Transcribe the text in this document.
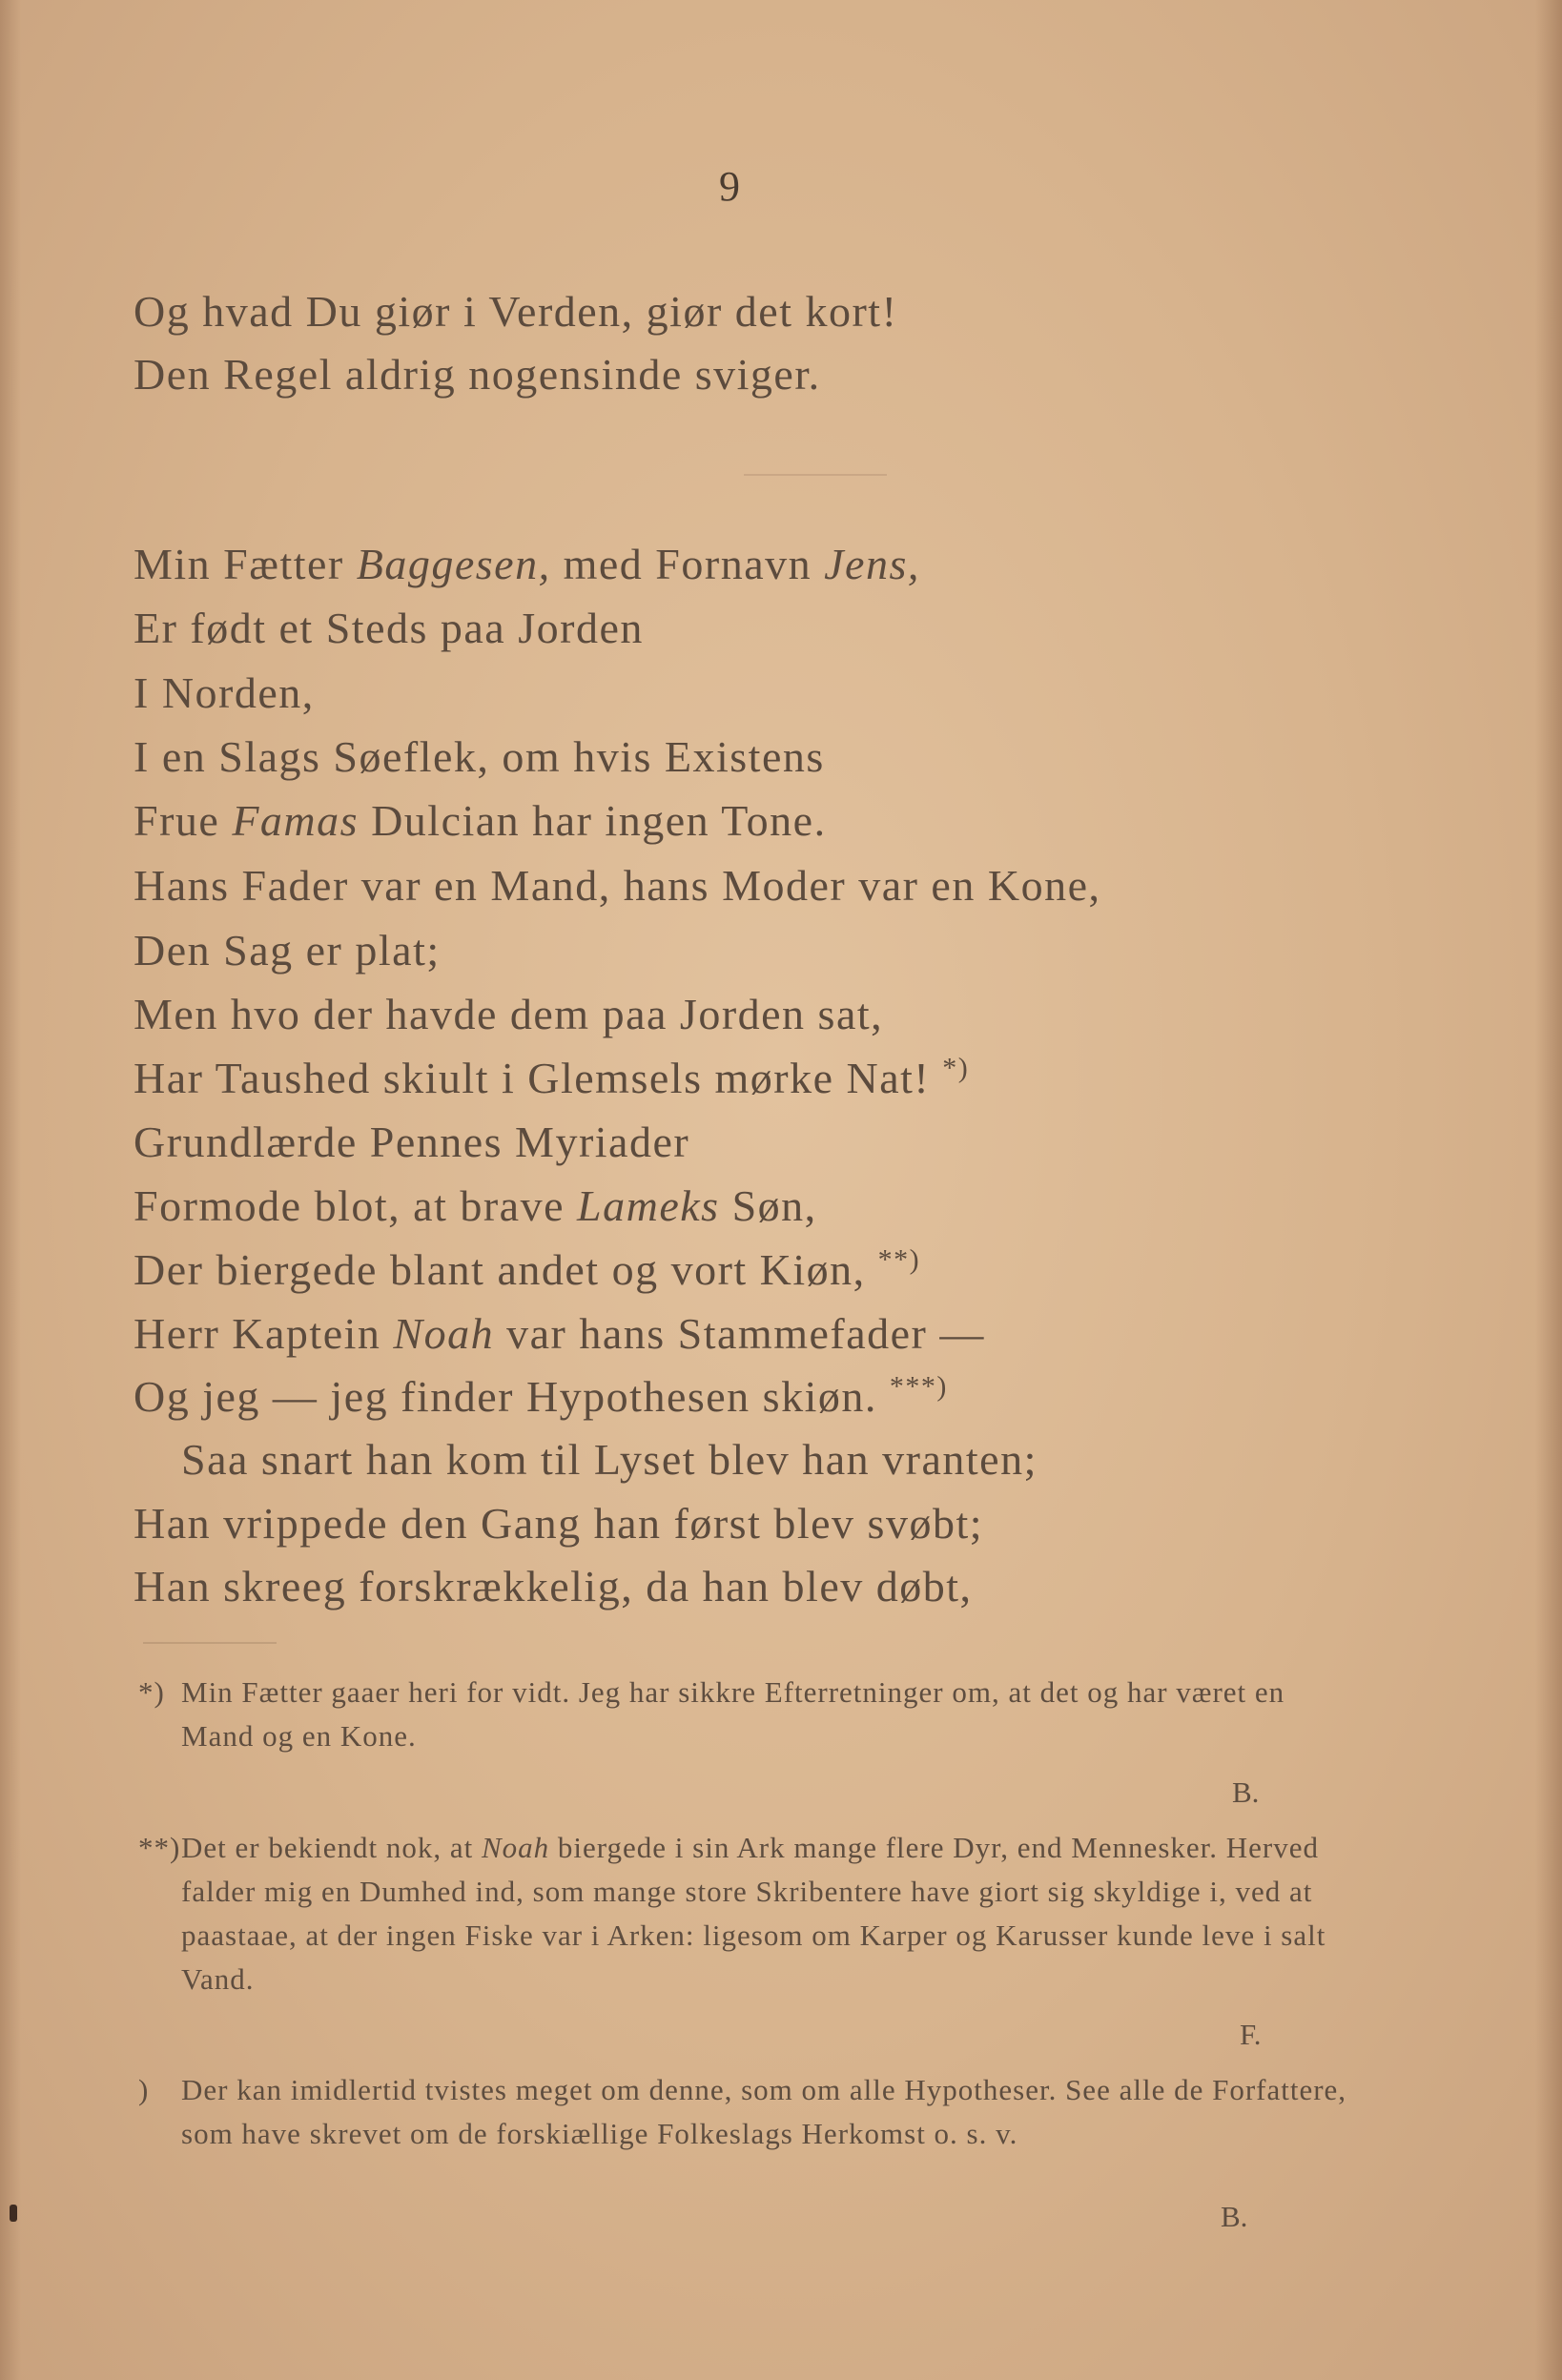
9
Og hvad Du giør i Verden, giør det kort!
Den Regel aldrig nogensinde sviger.
Min Fætter Baggesen, med Fornavn Jens,
Er født et Steds paa Jorden
I Norden,
I en Slags Søeflek, om hvis Existens
Frue Famas Dulcian har ingen Tone.
Hans Fader var en Mand, hans Moder var en Kone,
Den Sag er plat;
Men hvo der havde dem paa Jorden sat,
Har Taushed skiult i Glemsels mørke Nat! *)
Grundlærde Pennes Myriader
Formode blot, at brave Lameks Søn,
Der biergede blant andet og vort Kiøn, **)
Herr Kaptein Noah var hans Stammefader —
Og jeg — jeg finder Hypothesen skiøn. ***)
Saa snart han kom til Lyset blev han vranten;
Han vrippede den Gang han først blev svøbt;
Han skreeg forskrækkelig, da han blev døbt,
*) Min Fætter gaaer heri for vidt. Jeg har sikkre Efterretninger om, at det og har været en Mand og en Kone.
B.
**) Det er bekiendt nok, at Noah biergede i sin Ark mange flere Dyr, end Mennesker. Herved falder mig en Dumhed ind, som mange store Skribentere have giort sig skyldige i, ved at paastaae, at der ingen Fiske var i Arken: ligesom om Karper og Karusser kunde leve i salt Vand.
F.
) Der kan imidlertid tvistes meget om denne, som om alle Hypotheser. See alle de Forfattere, som have skrevet om de forskiællige Folkeslags Herkomst o. s. v.
B.
